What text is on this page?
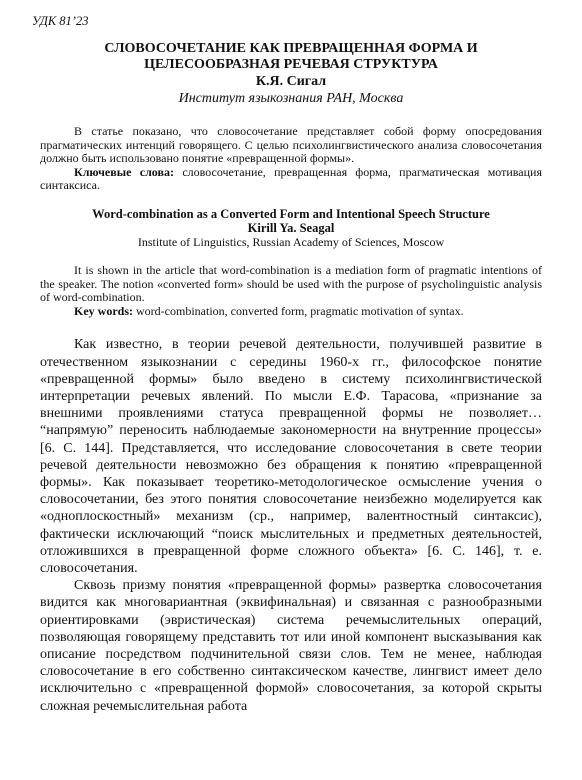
УДК 81’23
СЛОВОСОЧЕТАНИЕ КАК ПРЕВРАЩЕННАЯ ФОРМА И
ЦЕЛЕСООБРАЗНАЯ РЕЧЕВАЯ СТРУКТУРА
К.Я. Сигал
Институт языкознания РАН, Москва

В статье показано, что словосочетание представляет собой форму опосредования прагматических интенций говорящего. С целью психолингвистического анализа словосочетания должно быть использовано понятие «превращенной формы».

Ключевые слова: словосочетание, превращенная форма, прагматическая мотивация синтаксиса.

Word-combination as a Converted Form and Intentional Speech Structure
Kirill Ya. Seagal
Institute of Linguistics, Russian Academy of Sciences, Moscow

It is shown in the article that word-combination is a mediation form of pragmatic intentions of the speaker. The notion «converted form» should be used with the purpose of psycholinguistic analysis of word-combination.

Key words: word-combination, converted form, pragmatic motivation of syntax.

Как известно, в теории речевой деятельности, получившей развитие в отечественном языкознании с середины 1960-х гг., философское понятие «превращенной формы» было введено в систему психолингвистической интерпретации речевых явлений. По мысли Е.Ф. Тарасова, «признание за внешними проявлениями статуса превращенной формы не позволяет… “напрямую” переносить наблюдаемые закономерности на внутренние процессы» [6. С. 144]. Представляется, что исследование словосочетания в свете теории речевой деятельности невозможно без обращения к понятию «превращенной формы». Как показывает теоретико-методологическое осмысление учения о словосочетании, без этого понятия словосочетание неизбежно моделируется как «одноплоскостный» механизм (ср., например, валентностный синтаксис), фактически исключающий “поиск мыслительных и предметных деятельностей, отложившихся в превращенной форме сложного объекта» [6. С. 146], т. е. словосочетания.

Сквозь призму понятия «превращенной формы» развертка словосочетания видится как многовариантная (эквифинальная) и связанная с разнообразными ориентировками (эвристическая) система речемыслительных операций, позволяющая говорящему представить тот или иной компонент высказывания как описание посредством подчинительной связи слов. Тем не менее, наблюдая словосочетание в его собственно синтаксическом качестве, лингвист имеет дело исключительно с «превращенной формой» словосочетания, за которой скрыты сложная речемыслительная работа
